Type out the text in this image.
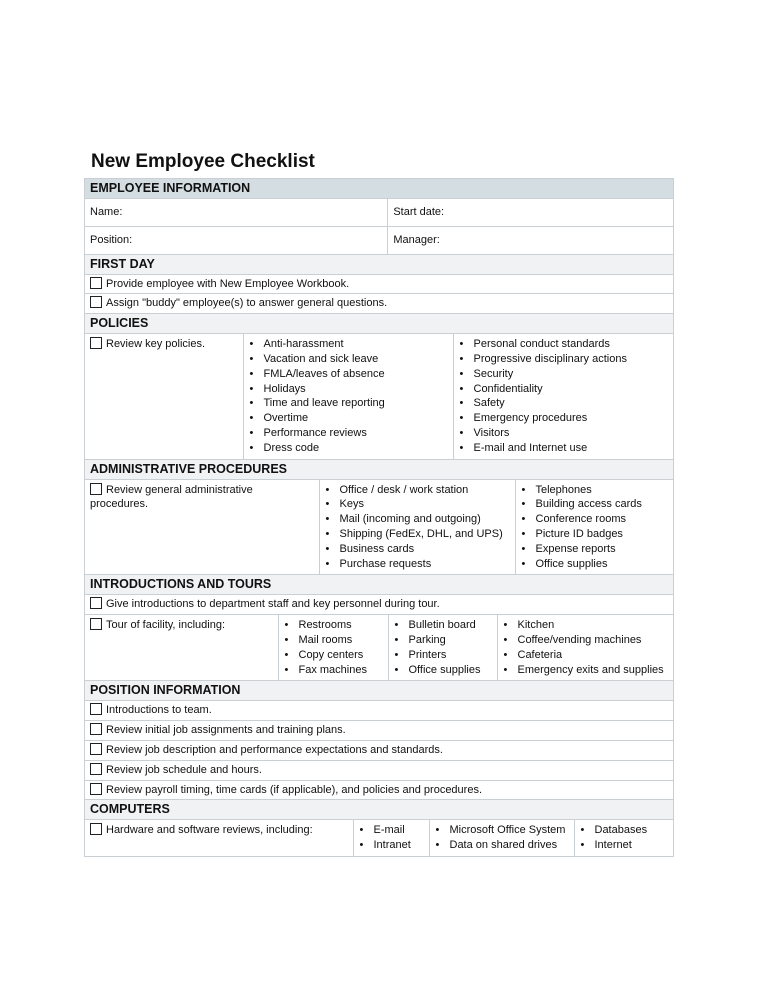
New Employee Checklist
EMPLOYEE INFORMATION
Name:	Start date:
Position:	Manager:
FIRST DAY
Provide employee with New Employee Workbook.
Assign "buddy" employee(s) to answer general questions.
POLICIES

Review key policies.	
•Anti-harassment
• Vacation and sick leave
• FMLA/leaves of absence
• Holidays
• Time and leave reporting
• Overtime
• Performance reviews
• Dress code

• Personal conduct standards
• Progressive disciplinary actions
• Security
• Confidentiality
• Safety
• Emergency procedures
• Visitors
• E-mail and Internet use

ADMINISTRATIVE PROCEDURES

Review general administrative procedures.	
• Office / desk / work station
• Keys
• Mail (incoming and outgoing)
• Shipping (FedEx, DHL, and UPS)
• Business cards
• Purchase requests

• Telephones
• Building access cards
• Conference rooms
• Picture ID badges
• Expense reports
• Office supplies

INTRODUCTIONS AND TOURS
Give introductions to department staff and key personnel during tour.

Tour of facility, including:	
•Restrooms
• Mail rooms
• Copy centers
• Fax machines

• Bulletin board
• Parking
• Printers
• Office supplies

• Kitchen
• Coffee/vending machines
• Cafeteria
• Emergency exits and supplies

POSITION INFORMATION
Introductions to team.
Review initial job assignments and training plans.
Review job description and performance expectations and standards.
Review job schedule and hours.
Review payroll timing, time cards (if applicable), and policies and procedures.
COMPUTERS

Hardware and software reviews, including:	
•E-mail
• Intranet

• Microsoft Office System
• Data on shared drives

• Databases
• Internet
